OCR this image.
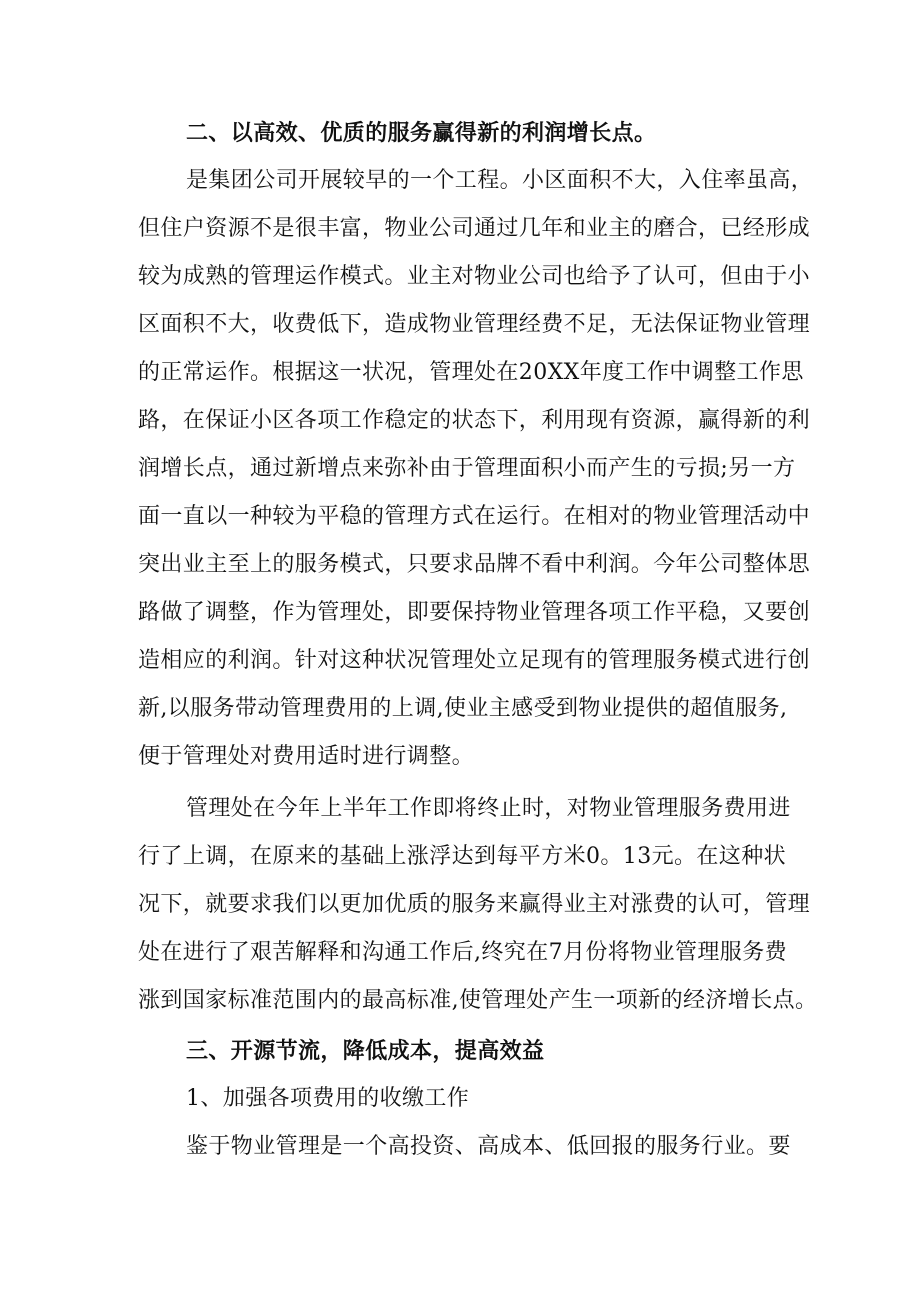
二、以高效、优质的服务赢得新的利润增长点。
是集团公司开展较早的一个工程。小区面积不大，入住率虽高，
但住户资源不是很丰富，物业公司通过几年和业主的磨合，已经形成
较为成熟的管理运作模式。业主对物业公司也给予了认可，但由于小
区面积不大，收费低下，造成物业管理经费不足，无法保证物业管理
的正常运作。根据这一状况，管理处在20XX年度工作中调整工作思
路，在保证小区各项工作稳定的状态下，利用现有资源，赢得新的利
润增长点，通过新增点来弥补由于管理面积小而产生的亏损;另一方
面一直以一种较为平稳的管理方式在运行。在相对的物业管理活动中
突出业主至上的服务模式，只要求品牌不看中利润。今年公司整体思
路做了调整，作为管理处，即要保持物业管理各项工作平稳，又要创
造相应的利润。针对这种状况管理处立足现有的管理服务模式进行创
新,以服务带动管理费用的上调,使业主感受到物业提供的超值服务,
便于管理处对费用适时进行调整。
管理处在今年上半年工作即将终止时，对物业管理服务费用进
行了上调，在原来的基础上涨浮达到每平方米0。13元。在这种状
况下，就要求我们以更加优质的服务来赢得业主对涨费的认可，管理
处在进行了艰苦解释和沟通工作后,终究在7月份将物业管理服务费
涨到国家标准范围内的最高标准,使管理处产生一项新的经济增长点。
三、开源节流，降低成本，提高效益
1、加强各项费用的收缴工作
鉴于物业管理是一个高投资、高成本、低回报的服务行业。要
